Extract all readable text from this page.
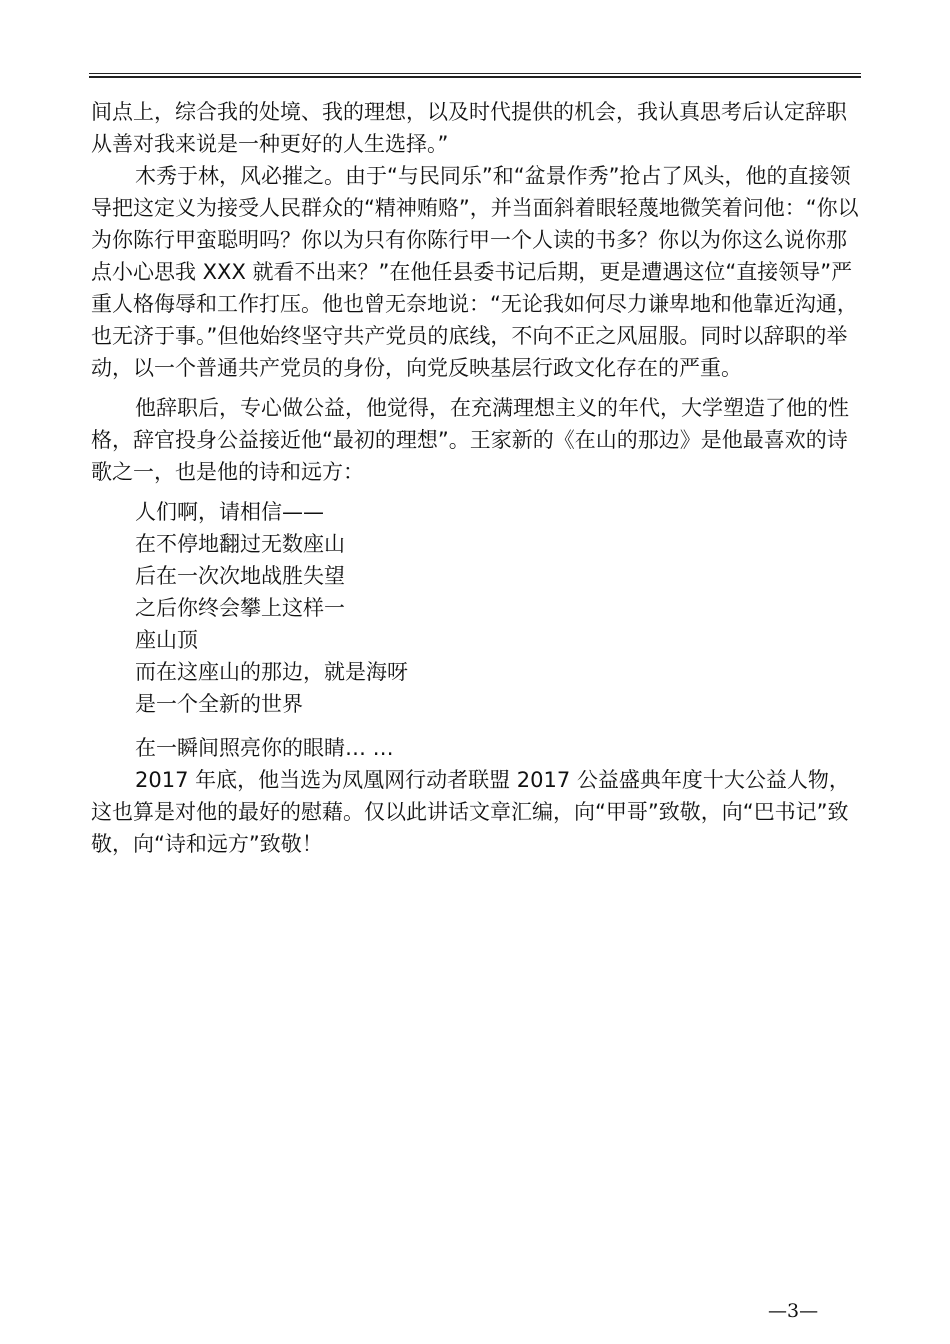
间点上，综合我的处境、我的理想，以及时代提供的机会，我认真思考后认定辞职从善对我来说是一种更好的人生选择。”

木秀于林，风必摧之。由于“与民同乐”和“盆景作秀”抢占了风头，他的直接领导把这定义为接受人民群众的“精神贿赂”，并当面斜着眼轻蔑地微笑着问他：“你以为你陈行甲蛮聪明吗？你以为只有你陈行甲一个人读的书多？你以为你这么说你那点小心思我 XXX 就看不出来？”在他任县委书记后期，更是遭遇这位“直接领导”严重人格侮辱和工作打压。他也曾无奈地说：“无论我如何尽力谦卑地和他靠近沟通，也无济于事。”但他始终坚守共产党员的底线，不向不正之风屈服。同时以辞职的举动，以一个普通共产党员的身份，向党反映基层行政文化存在的严重。

他辞职后，专心做公益，他觉得，在充满理想主义的年代，大学塑造了他的性格，辞官投身公益接近他“最初的理想”。王家新的《在山的那边》是他最喜欢的诗歌之一，也是他的诗和远方：

人们啊，请相信——
在不停地翻过无数座山
后在一次次地战胜失望
之后你终会攀上这样一
座山顶
而在这座山的那边，就是海呀
是一个全新的世界
在一瞬间照亮你的眼睛… …

2017 年底，他当选为凤凰网行动者联盟 2017 公益盛典年度十大公益人物，这也算是对他的最好的慰藉。仅以此讲话文章汇编，向“甲哥”致敬，向“巴书记”致敬，向“诗和远方”致敬！

—3—
